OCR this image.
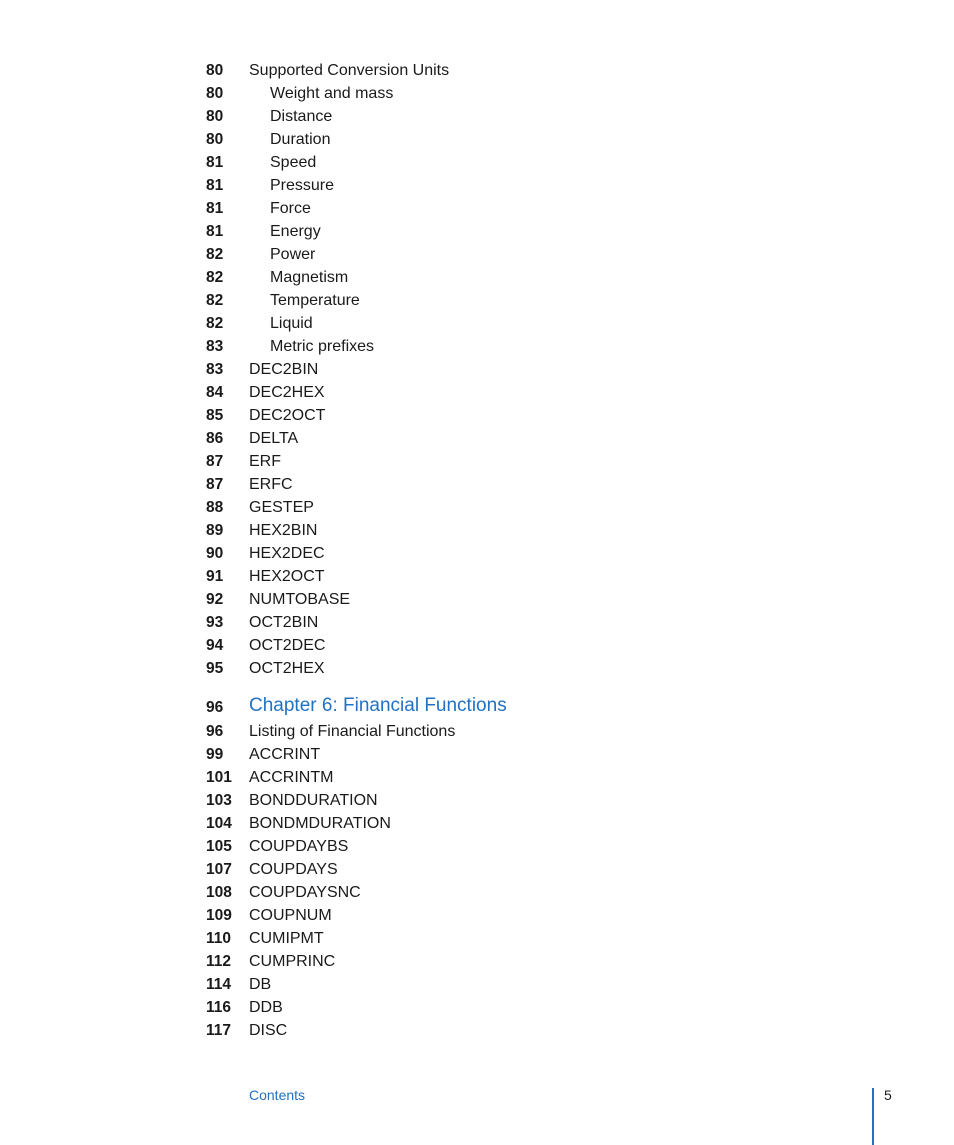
80 Supported Conversion Units
80	Weight and mass
80	Distance
80	Duration
81	Speed
81	Pressure
81	Force
81	Energy
82	Power
82	Magnetism
82	Temperature
82	Liquid
83	Metric prefixes
83 DEC2BIN
84 DEC2HEX
85 DEC2OCT
86 DELTA
87 ERF
87 ERFC
88 GESTEP
89 HEX2BIN
90 HEX2DEC
91 HEX2OCT
92 NUMTOBASE
93 OCT2BIN
94 OCT2DEC
95 OCT2HEX
96 Chapter 6: Financial Functions
96 Listing of Financial Functions
99 ACCRINT
101 ACCRINTM
103 BONDDURATION
104 BONDMDURATION
105 COUPDAYBS
107 COUPDAYS
108 COUPDAYSNC
109 COUPNUM
110 CUMIPMT
112 CUMPRINC
114 DB
116 DDB
117 DISC
Contents	5
